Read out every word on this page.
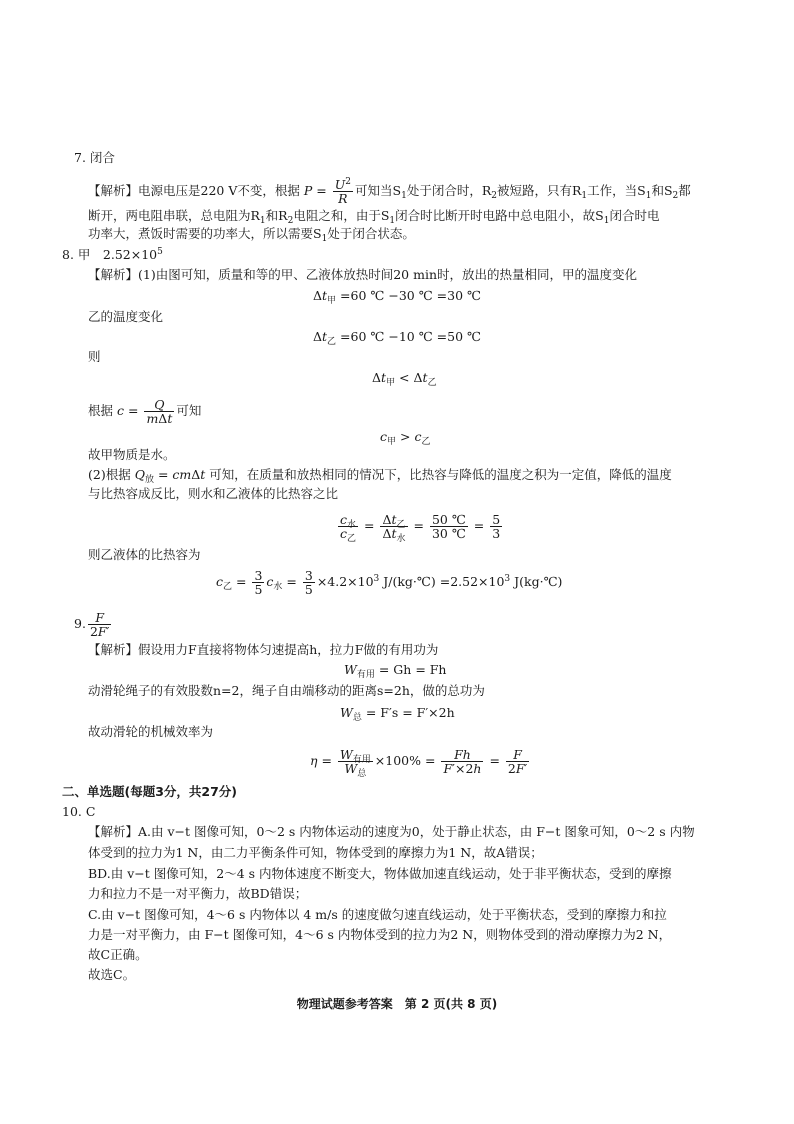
7. 闭合
【解析】电源电压是220 V不变，根据 $P = \frac{U^2}{R}$ 可知当$S_1$处于闭合时，$R_2$被短路，只有$R_1$工作，当$S_1$和$S_2$都
断开，两电阻串联，总电阻为$R_1$和$R_2$电阻之和，由于$S_1$闭合时比断开时电路中总电阻小，故$S_1$闭合时电
功率大，煮饭时需要的功率大，所以需要$S_1$处于闭合状态。
8. 甲  $2.52\times 10^5$
【解析】(1)由图可知，质量和等的甲、乙液体放热时间20 min时，放出的热量相同，甲的温度变化
$\Delta t_甲 =60$ ℃ −30 ℃ =30 ℃
乙的温度变化
$\Delta t_乙 =60$ ℃ −10 ℃ =50 ℃
则
$\Delta t_甲 < \Delta t_乙$
根据 $c = \frac{Q}{\text{mΔt}}$ 可知
$c_甲 > c_乙$
故甲物质是水。
(2)根据 $Q_放 = cm\Delta t$ 可知，在质量和放热相同的情况下，比热容与降低的温度之积为一定值，降低的温度
与比热容成反比，则水和乙液体的比热容之比
$\frac{c_水}{c_乙} = \frac{\Delta t_乙}{\Delta t_水} = \frac{50 ℃}{30 ℃} = \frac{5}{3}$
则乙液体的比热容为
$c_乙 = \frac{3}{5} c_水 = \frac{3}{5} \times 4.2\times 10^3$ J/(kg·℃) $=2.52\times 10^3$ J(kg·℃)
9. $\frac{F}{2F'}$
【解析】假设用力F直接将物体匀速提高h，拉力F做的有用功为
$W_{有用} = Gh = Fh$
动滑轮绳子的有效股数n=2，绳子自由端移动的距离s=2h，做的总功为
$W_总 = F's = F'\times 2h$
故动滑轮的机械效率为
$\eta = \frac{W_{有用}}{W_总} \times 100\% = \frac{Fh}{F'\times 2h} = \frac{F}{2F'}$
二、单选题(每题3分，共27分)
10. C
【解析】A.由 v−t 图像可知，0～2 s 内物体运动的速度为0，处于静止状态，由 F−t 图象可知，0～2 s 内物
体受到的拉力为1 N，由二力平衡条件可知，物体受到的摩擦力为1 N，故A错误；
BD.由 v−t 图像可知，2～4 s 内物体速度不断变大，物体做加速直线运动，处于非平衡状态，受到的摩擦
力和拉力不是一对平衡力，故BD错误；
C.由 v−t 图像可知，4～6 s 内物体以 4 m/s 的速度做匀速直线运动，处于平衡状态，受到的摩擦力和拉
力是一对平衡力，由 F−t 图像可知，4～6 s 内物体受到的拉力为2 N，则物体受到的滑动摩擦力为2 N，
故C正确。
故选C。
物理试题参考答案　第 2 页(共 8 页)
